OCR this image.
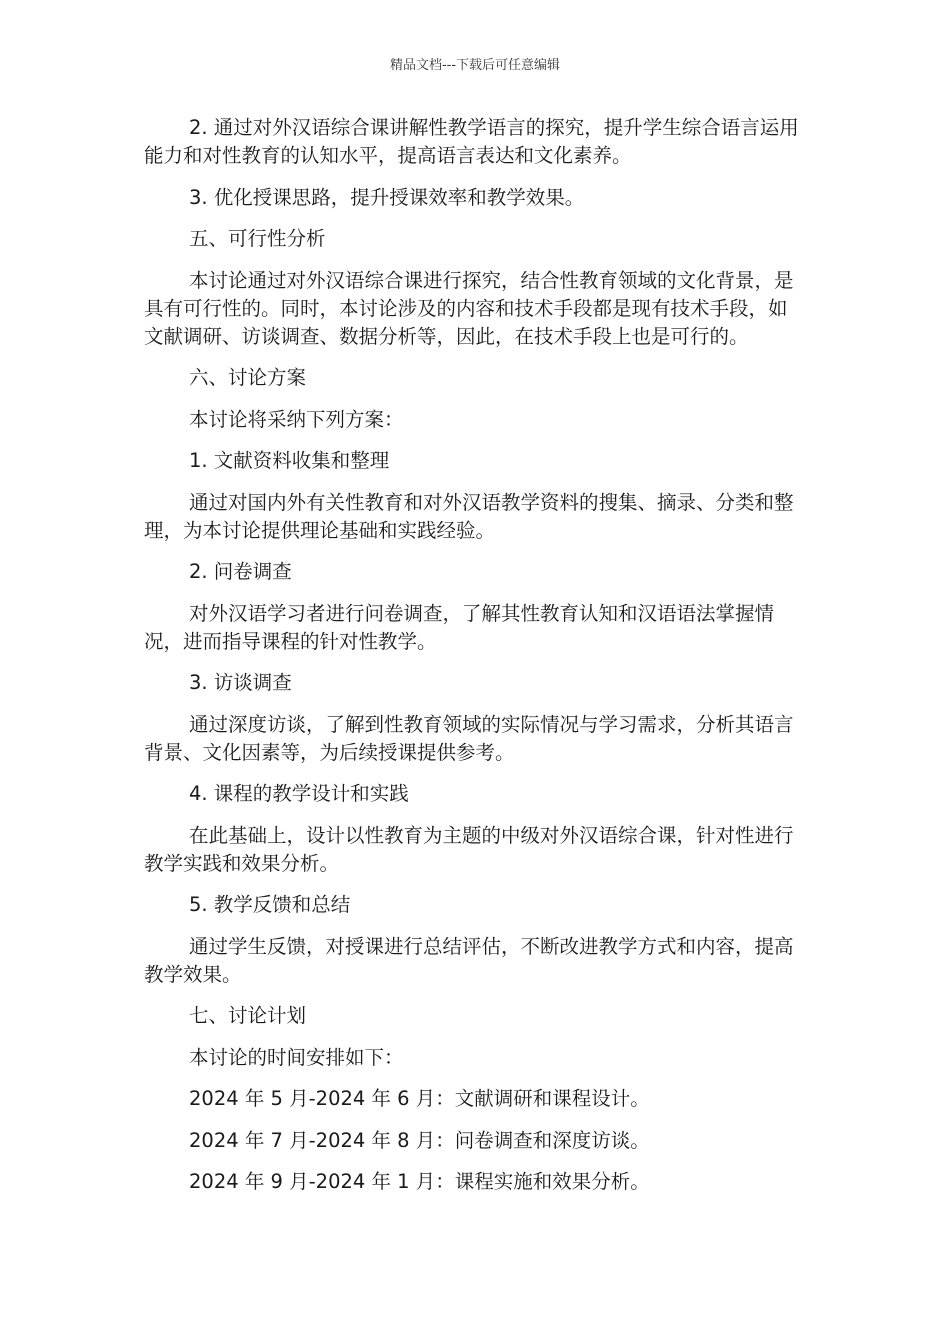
精品文档---下载后可任意编辑

2. 通过对外汉语综合课讲解性教学语言的探究，提升学生综合语言运用能力和对性教育的认知水平，提高语言表达和文化素养。

3. 优化授课思路，提升授课效率和教学效果。

五、可行性分析

本讨论通过对外汉语综合课进行探究，结合性教育领域的文化背景，是具有可行性的。同时，本讨论涉及的内容和技术手段都是现有技术手段，如文献调研、访谈调查、数据分析等，因此，在技术手段上也是可行的。

六、讨论方案

本讨论将采纳下列方案：

1. 文献资料收集和整理

通过对国内外有关性教育和对外汉语教学资料的搜集、摘录、分类和整理，为本讨论提供理论基础和实践经验。

2. 问卷调查

对外汉语学习者进行问卷调查，了解其性教育认知和汉语语法掌握情况，进而指导课程的针对性教学。

3. 访谈调查

通过深度访谈，了解到性教育领域的实际情况与学习需求，分析其语言背景、文化因素等，为后续授课提供参考。

4. 课程的教学设计和实践

在此基础上，设计以性教育为主题的中级对外汉语综合课，针对性进行教学实践和效果分析。

5. 教学反馈和总结

通过学生反馈，对授课进行总结评估，不断改进教学方式和内容，提高教学效果。

七、讨论计划

本讨论的时间安排如下：

2024 年 5 月-2024 年 6 月：文献调研和课程设计。

2024 年 7 月-2024 年 8 月：问卷调查和深度访谈。

2024 年 9 月-2024 年 1 月：课程实施和效果分析。
